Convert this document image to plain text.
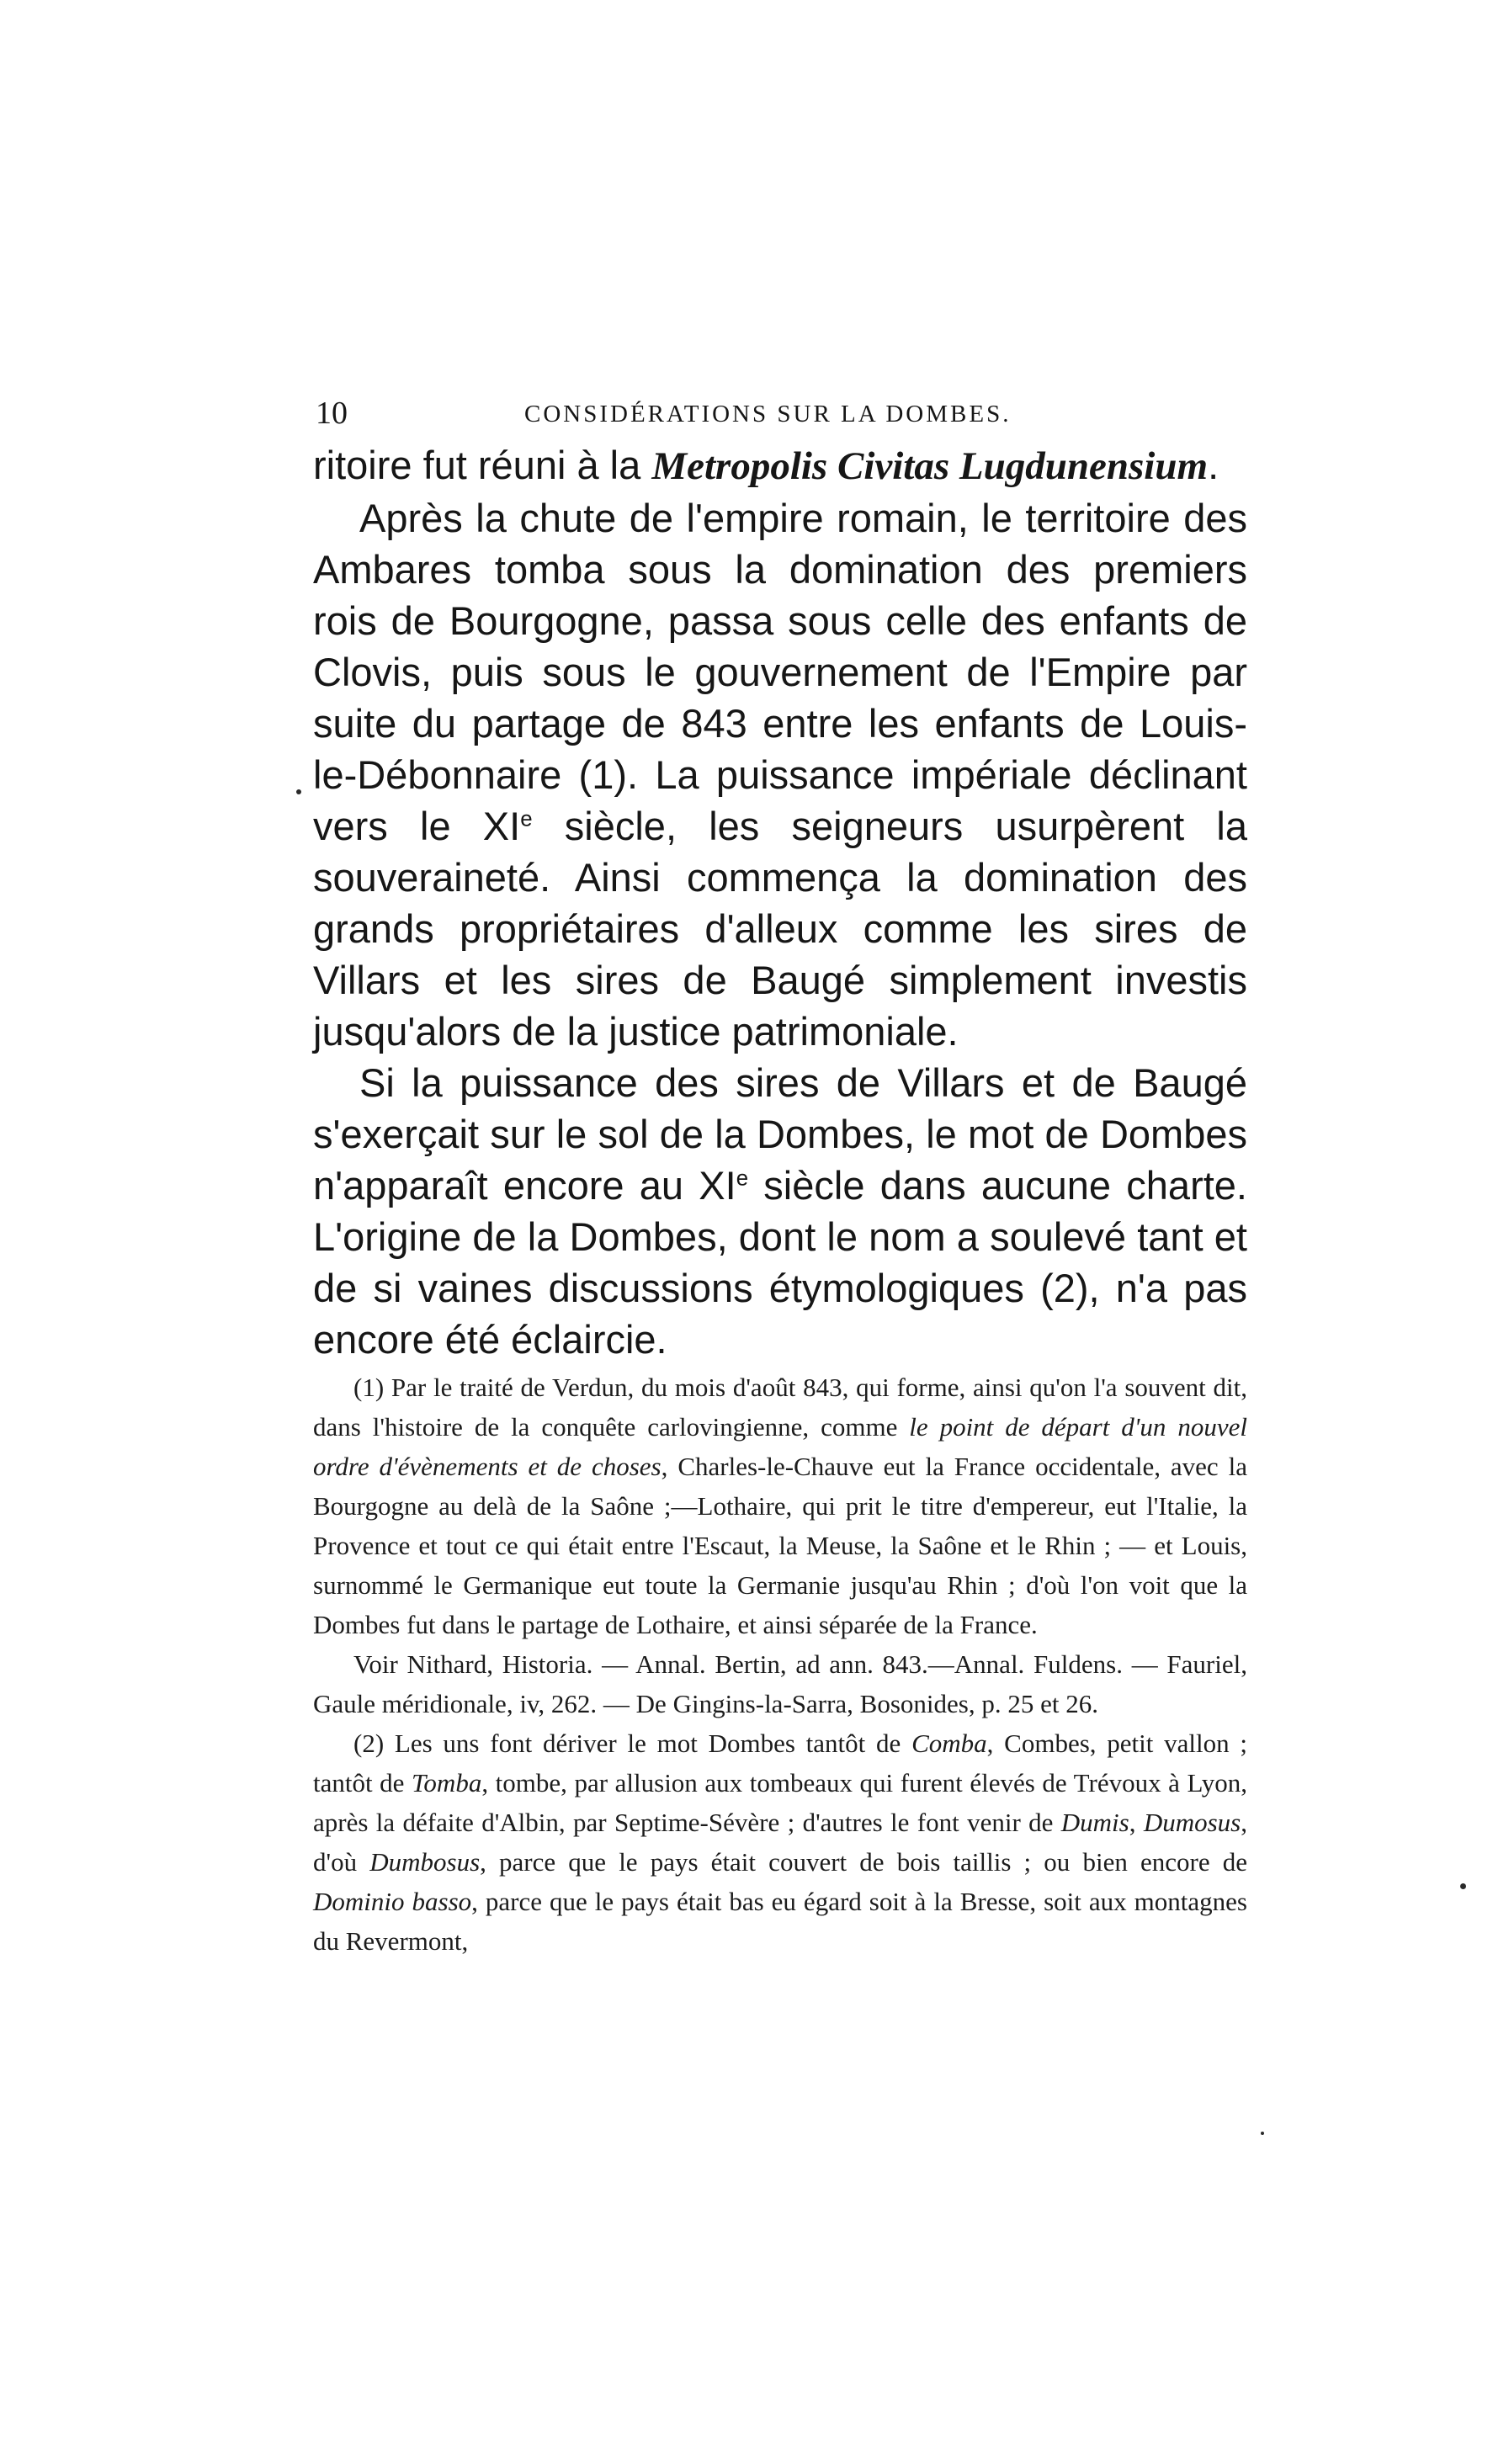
10	CONSIDÉRATIONS SUR LA DOMBES.

ritoire fut réuni à la Metropolis Civitas Lugdunensium.

Après la chute de l'empire romain, le territoire des Ambares tomba sous la domination des premiers rois de Bourgogne, passa sous celle des enfants de Clovis, puis sous le gouvernement de l'Empire par suite du partage de 843 entre les enfants de Louis-le-Débonnaire (1). La puissance impériale déclinant vers le XIe siècle, les seigneurs usurpèrent la souveraineté. Ainsi commença la domination des grands propriétaires d'alleux comme les sires de Villars et les sires de Baugé simplement investis jusqu'alors de la justice patrimoniale.

Si la puissance des sires de Villars et de Baugé s'exerçait sur le sol de la Dombes, le mot de Dombes n'apparaît encore au XIe siècle dans aucune charte. L'origine de la Dombes, dont le nom a soulevé tant et de si vaines discussions étymologiques (2), n'a pas encore été éclaircie.

(1) Par le traité de Verdun, du mois d'août 843, qui forme, ainsi qu'on l'a souvent dit, dans l'histoire de la conquête carlovingienne, comme le point de départ d'un nouvel ordre d'évènements et de choses, Charles-le-Chauve eut la France occidentale, avec la Bourgogne au delà de la Saône ;—Lothaire, qui prit le titre d'empereur, eut l'Italie, la Provence et tout ce qui était entre l'Escaut, la Meuse, la Saône et le Rhin ; — et Louis, surnommé le Germanique eut toute la Germanie jusqu'au Rhin ; d'où l'on voit que la Dombes fut dans le partage de Lothaire, et ainsi séparée de la France.

Voir Nithard, Historia. — Annal. Bertin, ad ann. 843.—Annal. Fuldens. — Fauriel, Gaule méridionale, iv, 262. — De Gingins-la-Sarra, Bosonides, p. 25 et 26.

(2) Les uns font dériver le mot Dombes tantôt de Comba, Combes, petit vallon ; tantôt de Tomba, tombe, par allusion aux tombeaux qui furent élevés de Trévoux à Lyon, après la défaite d'Albin, par Septime-Sévère ; d'autres le font venir de Dumis, Dumosus, d'où Dumbosus, parce que le pays était couvert de bois taillis ; ou bien encore de Dominio basso, parce que le pays était bas eu égard soit à la Bresse, soit aux montagnes du Revermont,
